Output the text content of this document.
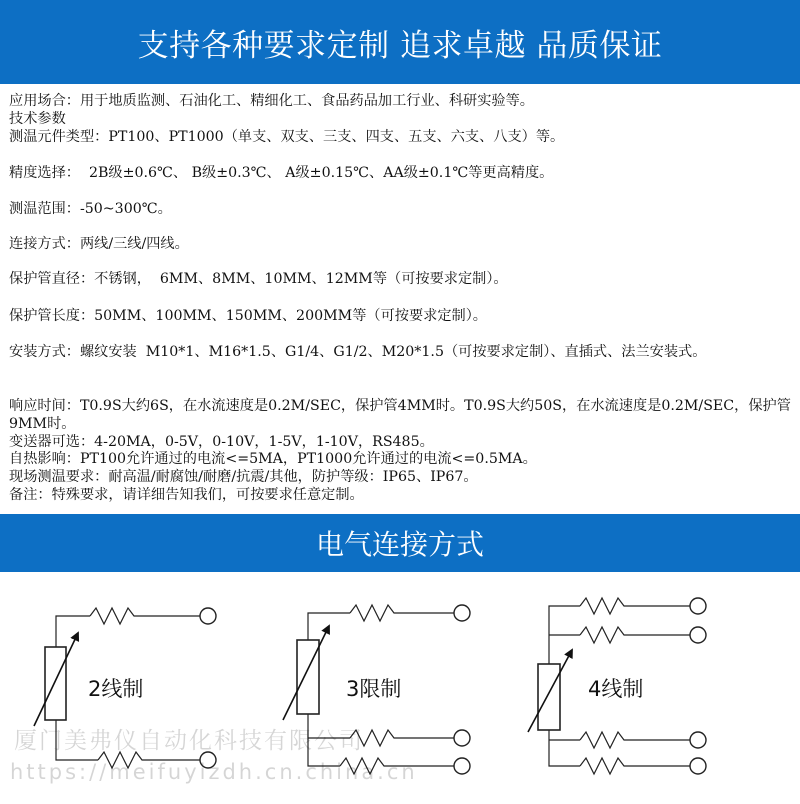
支持各种要求定制 追求卓越 品质保证
应用场合：用于地质监测、石油化工、精细化工、食品药品加工行业、科研实验等。
技术参数
测温元件类型：PT100、PT1000（单支、双支、三支、四支、五支、六支、八支）等。
精度选择：  2B级±0.6℃、 B级±0.3℃、 A级±0.15℃、AA级±0.1℃等更高精度。
测温范围：-50~300℃。
连接方式：两线/三线/四线。
保护管直径：不锈钢，  6MM、8MM、10MM、12MM等（可按要求定制）。
保护管长度：50MM、100MM、150MM、200MM等（可按要求定制）。
安装方式：螺纹安装  M10*1、M16*1.5、G1/4、G1/2、M20*1.5（可按要求定制）、直插式、法兰安装式。
响应时间：T0.9S大约6S，在水流速度是0.2M/SEC，保护管4MM时。T0.9S大约50S，在水流速度是0.2M/SEC，保护管9MM时。
变送器可选：4-20MA，0-5V，0-10V，1-5V，1-10V，RS485。
自热影响：PT100允许通过的电流<=5MA，PT1000允许通过的电流<=0.5MA。
现场测温要求：耐高温/耐腐蚀/耐磨/抗震/其他，防护等级：IP65、IP67。
备注：特殊要求，请详细告知我们，可按要求任意定制。
电气连接方式
2线制	3限制	4线制
厦门美弗仪自动化科技有限公司
https://meifuyizdh.cn.china.cn
